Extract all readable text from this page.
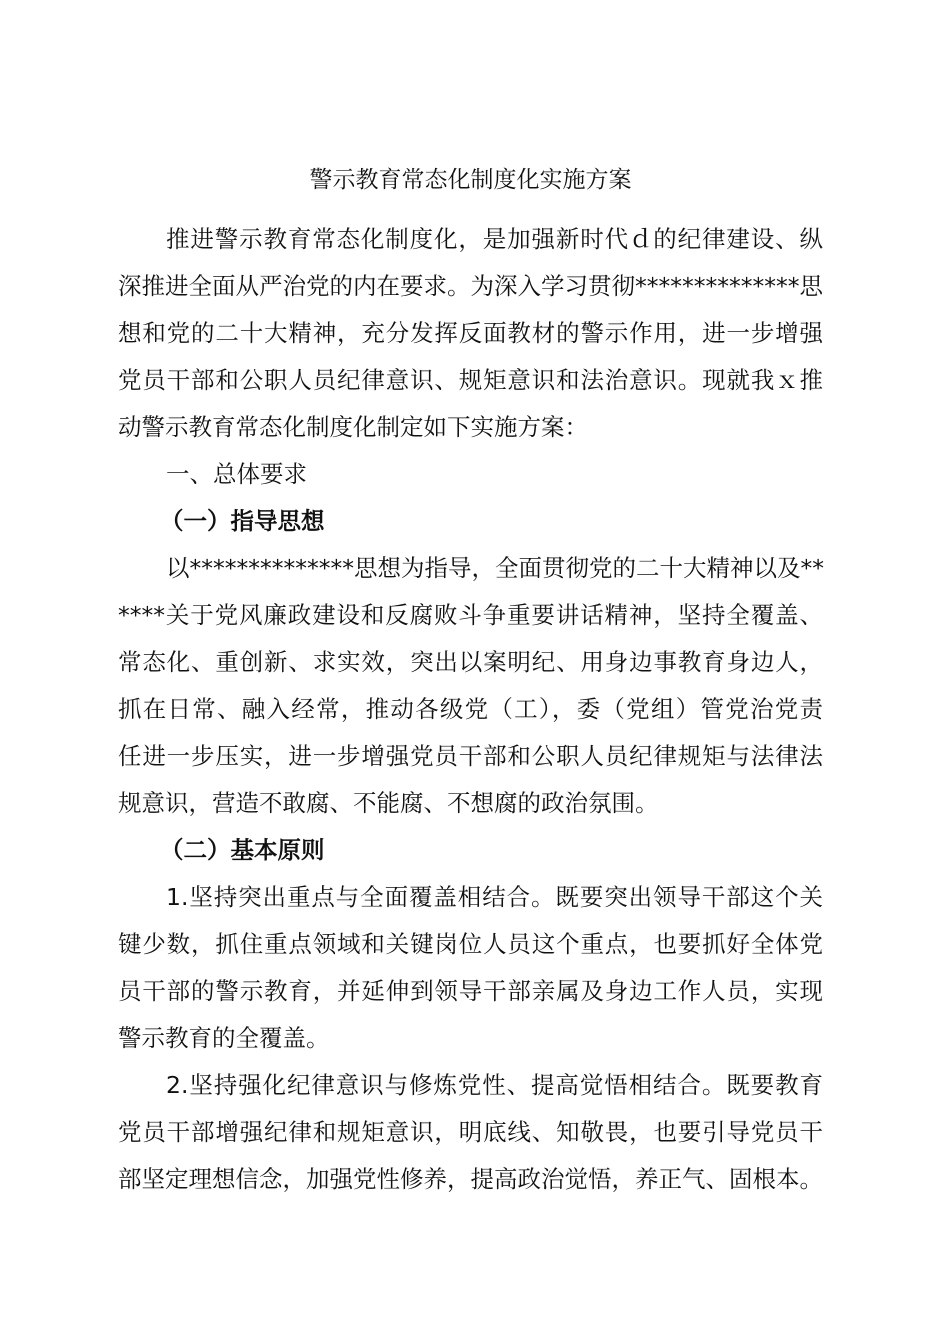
警示教育常态化制度化实施方案
推进警示教育常态化制度化，是加强新时代ｄ的纪律建设、纵
深推进全面从严治党的内在要求。为深入学习贯彻**************思
想和党的二十大精神，充分发挥反面教材的警示作用，进一步增强
党员干部和公职人员纪律意识、规矩意识和法治意识。现就我ｘ推
动警示教育常态化制度化制定如下实施方案：
一、总体要求
（一）指导思想
以**************思想为指导，全面贯彻党的二十大精神以及**
****关于党风廉政建设和反腐败斗争重要讲话精神，坚持全覆盖、
常态化、重创新、求实效，突出以案明纪、用身边事教育身边人，
抓在日常、融入经常，推动各级党（工），委（党组）管党治党责
任进一步压实，进一步增强党员干部和公职人员纪律规矩与法律法
规意识，营造不敢腐、不能腐、不想腐的政治氛围。
（二）基本原则
1.坚持突出重点与全面覆盖相结合。既要突出领导干部这个关
键少数，抓住重点领域和关键岗位人员这个重点，也要抓好全体党
员干部的警示教育，并延伸到领导干部亲属及身边工作人员，实现
警示教育的全覆盖。
2.坚持强化纪律意识与修炼党性、提高觉悟相结合。既要教育
党员干部增强纪律和规矩意识，明底线、知敬畏，也要引导党员干
部坚定理想信念，加强党性修养，提高政治觉悟，养正气、固根本。
